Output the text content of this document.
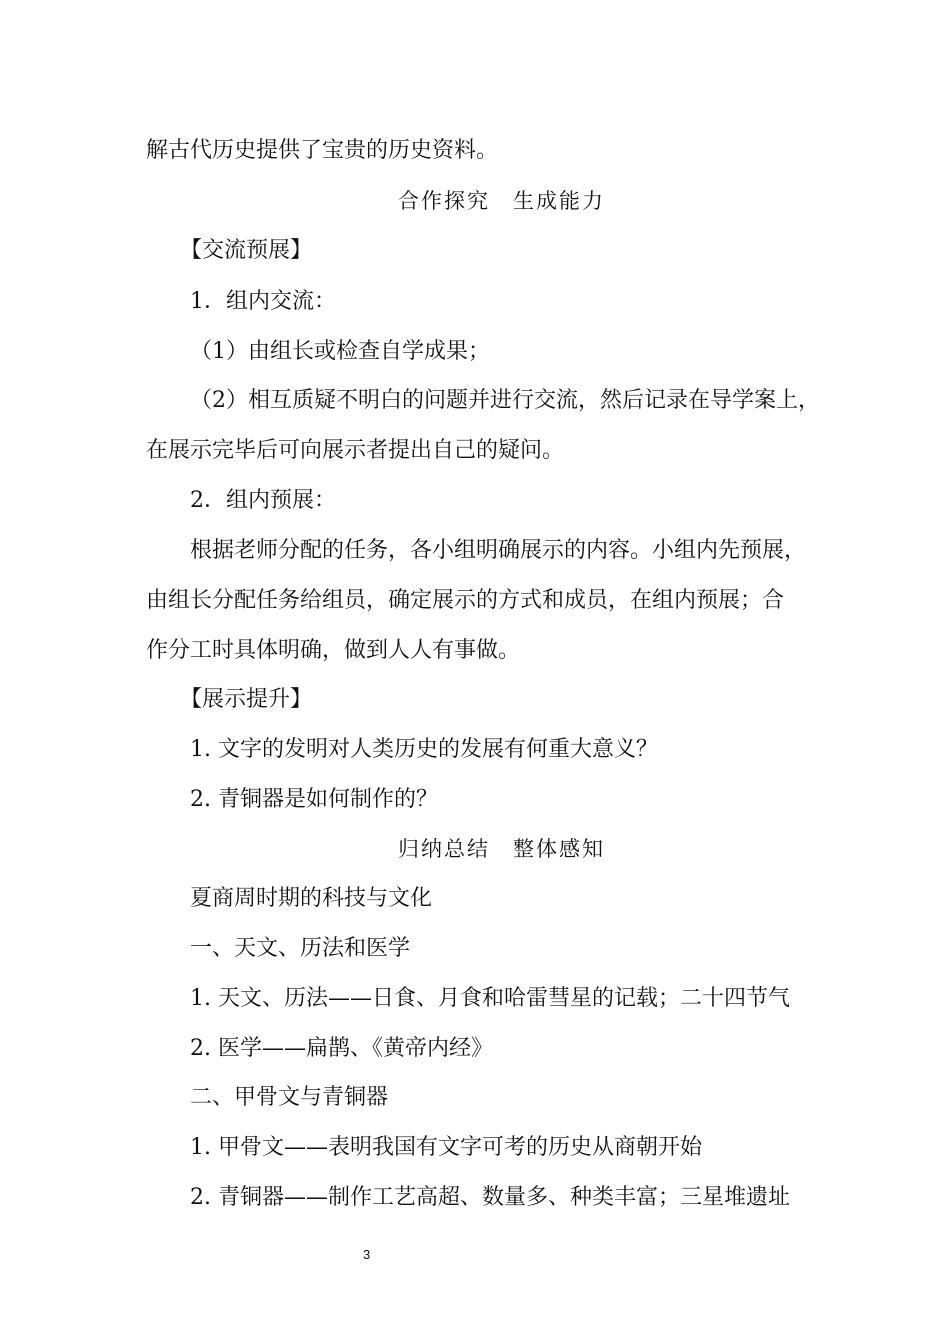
解古代历史提供了宝贵的历史资料。
合作探究　生成能力
【交流预展】
1．组内交流：
（1）由组长或检查自学成果；
（2）相互质疑不明白的问题并进行交流，然后记录在导学案上，
在展示完毕后可向展示者提出自己的疑问。
2．组内预展：
根据老师分配的任务，各小组明确展示的内容。小组内先预展，
由组长分配任务给组员，确定展示的方式和成员，在组内预展；合
作分工时具体明确，做到人人有事做。
【展示提升】
1. 文字的发明对人类历史的发展有何重大意义？
2. 青铜器是如何制作的？
归纳总结　整体感知
夏商周时期的科技与文化
一、天文、历法和医学
1. 天文、历法——日食、月食和哈雷彗星的记载；二十四节气
2. 医学——扁鹊、《黄帝内经》
二、甲骨文与青铜器
1. 甲骨文——表明我国有文字可考的历史从商朝开始
2. 青铜器——制作工艺高超、数量多、种类丰富；三星堆遗址
3
